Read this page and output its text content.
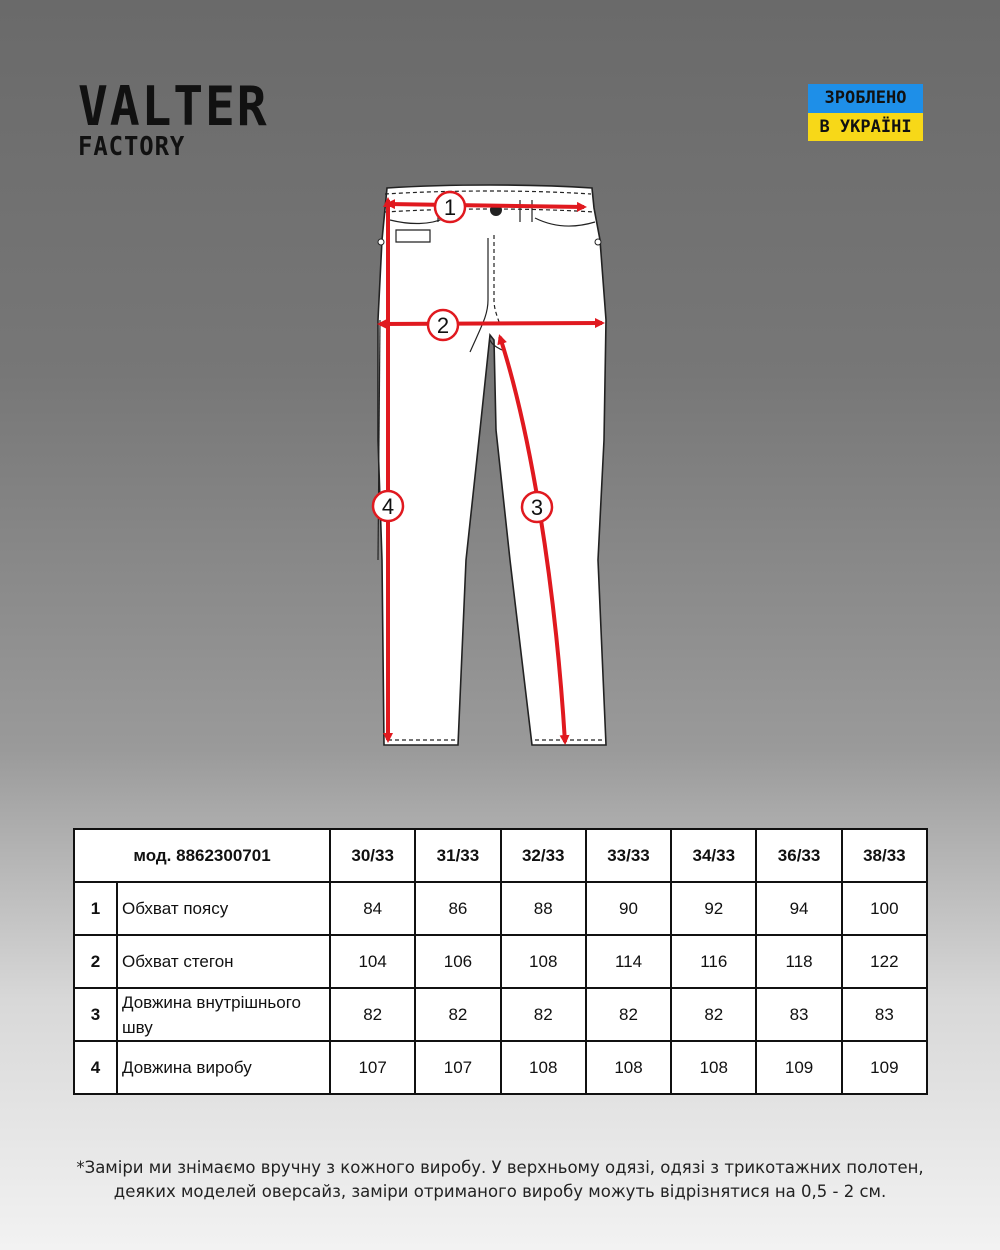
VALTER
FACTORY
ЗРОБЛЕНО
В УКРАЇНІ
1
2
3
4
мод. 8862300701		30/33	31/33	32/33	33/33	34/33	36/33	38/33
1	Обхват поясу	84	86	88	90	92	94	100
2	Обхват стегон	104	106	108	114	116	118	122
3	Довжина внутрішнього шву	82	82	82	82	82	83	83
4	Довжина виробу	107	107	108	108	108	109	109
*Заміри ми знімаємо вручну з кожного виробу. У верхньому одязі, одязі з трикотажних полотен,
деяких моделей оверсайз, заміри отриманого виробу можуть відрізнятися на 0,5 - 2 см.
